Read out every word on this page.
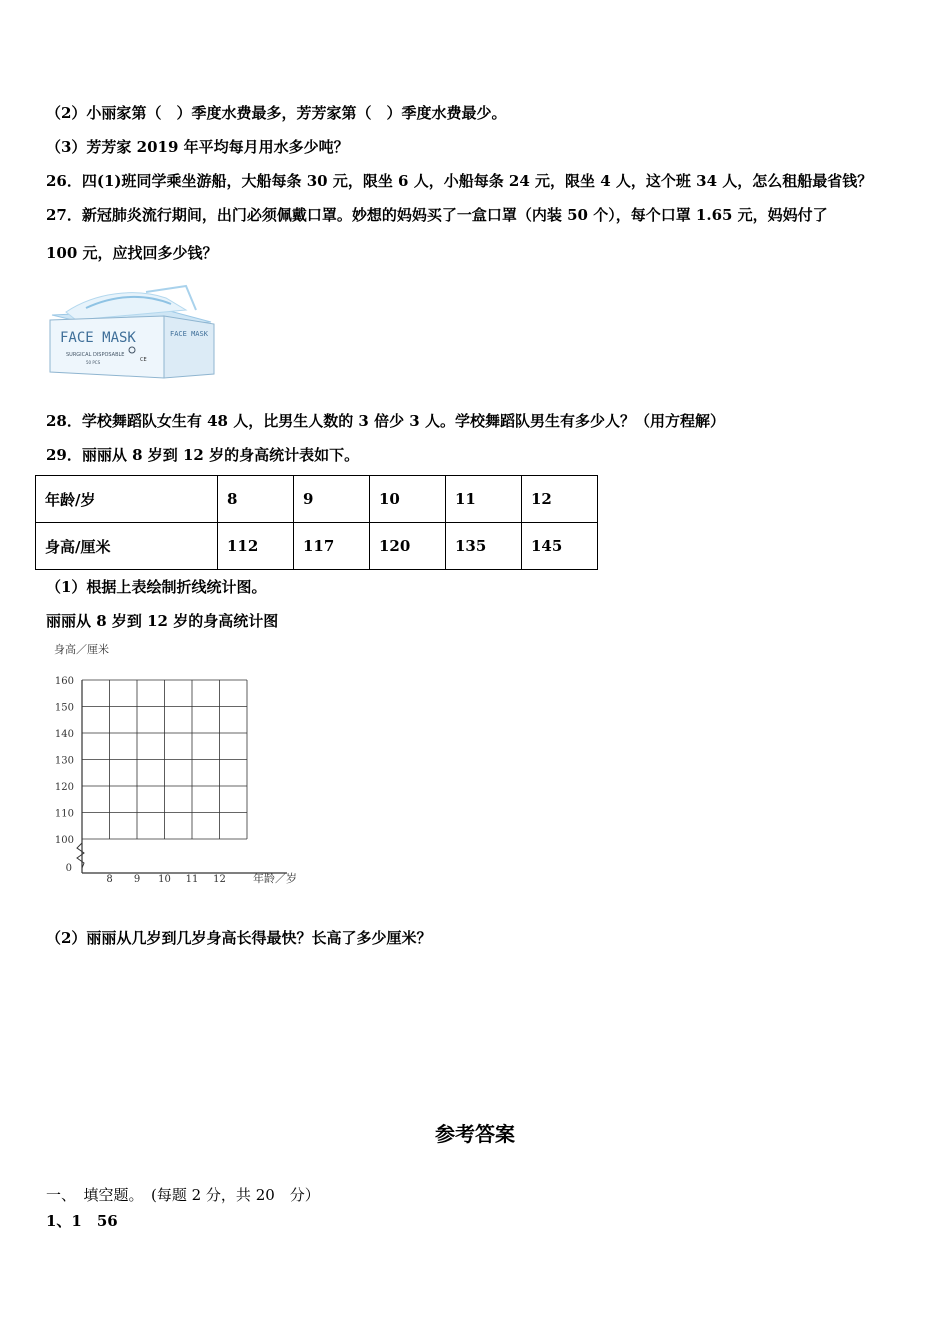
（2）小丽家第（　）季度水费最多，芳芳家第（　）季度水费最少。
（3）芳芳家 2019 年平均每月用水多少吨？
26．四(1)班同学乘坐游船，大船每条 30 元，限坐 6 人，小船每条 24 元，限坐 4 人，这个班 34 人，怎么租船最省钱？
27．新冠肺炎流行期间，出门必须佩戴口罩。妙想的妈妈买了一盒口罩（内装 50 个），每个口罩 1.65 元，妈妈付了
100 元，应找回多少钱？
FACE MASK
SURGICAL DISPOSABLE
50 PCS	CE
FACE MASK
28．学校舞蹈队女生有 48 人，比男生人数的 3 倍少 3 人。学校舞蹈队男生有多少人？（用方程解）
29．丽丽从 8 岁到 12 岁的身高统计表如下。
年龄/岁	8	9	10	11	12
身高/厘米	112	117	120	135	145
（1）根据上表绘制折线统计图。
丽丽从 8 岁到 12 岁的身高统计图
100
110
120
130
140
150
160
0
8 9 10 11 12
身高／厘米
年龄／岁
（2）丽丽从几岁到几岁身高长得最快？长高了多少厘米？
参考答案
一、　填空题。　(每题 2 分，共 20　分）
1、1　56
